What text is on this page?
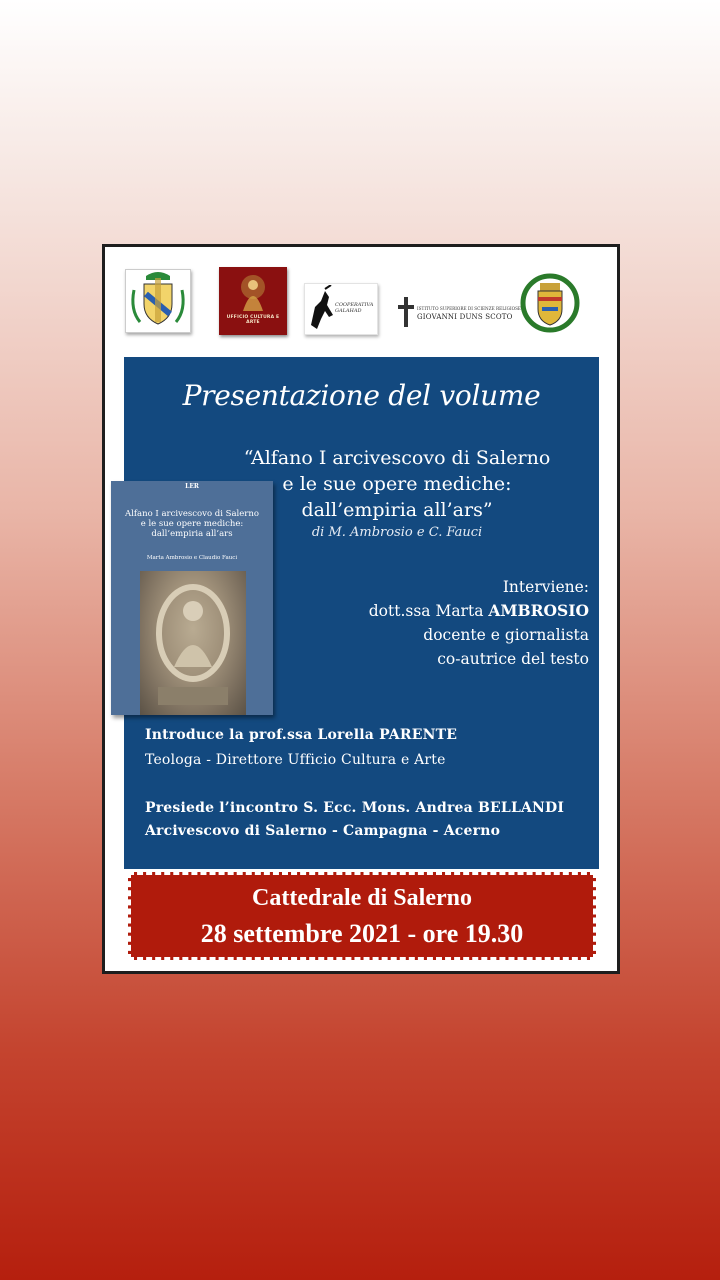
UFFICIO CULTURA E ARTE
COOPERATIVA GALAHAD	ISTITUTO SUPERIORE DI SCIENZE RELIGIOSE
GIOVANNI DUNS SCOTO
Presentazione del volume
“Alfano I arcivescovo di Salerno
e le sue opere mediche:
dall’empiria all’ars”
di M. Ambrosio e C. Fauci
Interviene:
dott.ssa Marta AMBROSIO
docente e giornalista
co-autrice del testo
Introduce la prof.ssa Lorella PARENTE
Teologa - Direttore Ufficio Cultura e Arte
Presiede l’incontro S. Ecc. Mons. Andrea BELLANDI
Arcivescovo di Salerno - Campagna - Acerno
LER
Alfano I arcivescovo di Salerno
e le sue opere mediche:
dall’empiria all’ars
Marta Ambrosio e Claudio Fauci
Cattedrale di Salerno
28 settembre 2021 - ore 19.30
